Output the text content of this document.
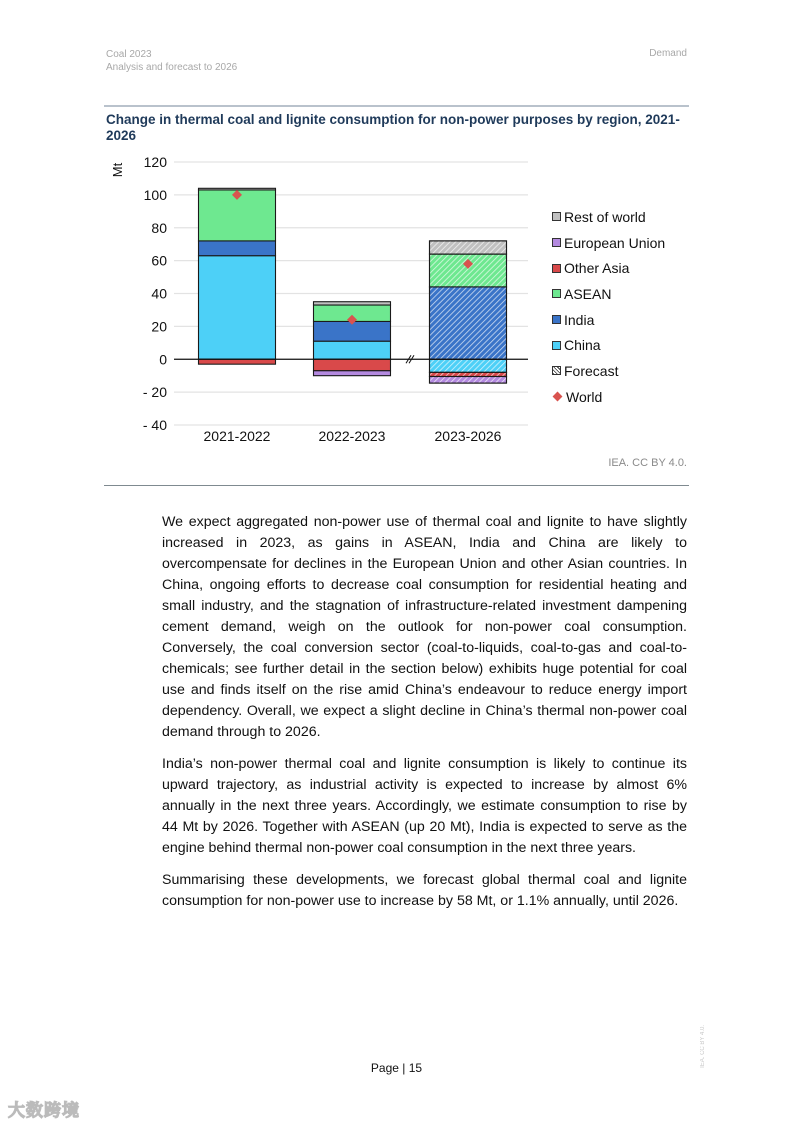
Coal 2023
Analysis and forecast to 2026
Demand
Change in thermal coal and lignite consumption for non-power purposes by region, 2021-2026
120
100
80
60
40
20
0
- 20
- 40
Mt
2021-2022	2022-2023	2023-2026
Rest of world
European Union
Other Asia
ASEAN
India
China
Forecast
World
IEA. CC BY 4.0.

We expect aggregated non-power use of thermal coal and lignite to have slightly increased in 2023, as gains in ASEAN, India and China are likely to overcompensate for declines in the European Union and other Asian countries. In China, ongoing efforts to decrease coal consumption for residential heating and small industry, and the stagnation of infrastructure-related investment dampening cement demand, weigh on the outlook for non-power coal consumption. Conversely, the coal conversion sector (coal-to-liquids, coal-to-gas and coal-to-chemicals; see further detail in the section below) exhibits huge potential for coal use and finds itself on the rise amid China’s endeavour to reduce energy import dependency. Overall, we expect a slight decline in China’s thermal non-power coal demand through to 2026.

India’s non-power thermal coal and lignite consumption is likely to continue its upward trajectory, as industrial activity is expected to increase by almost 6% annually in the next three years. Accordingly, we estimate consumption to rise by 44 Mt by 2026. Together with ASEAN (up 20 Mt), India is expected to serve as the engine behind thermal non-power coal consumption in the next three years.

Summarising these developments, we forecast global thermal coal and lignite consumption for non-power use to increase by 58 Mt, or 1.1% annually, until 2026.

Page | 15
IEA. CC BY 4.0.
大数跨境
